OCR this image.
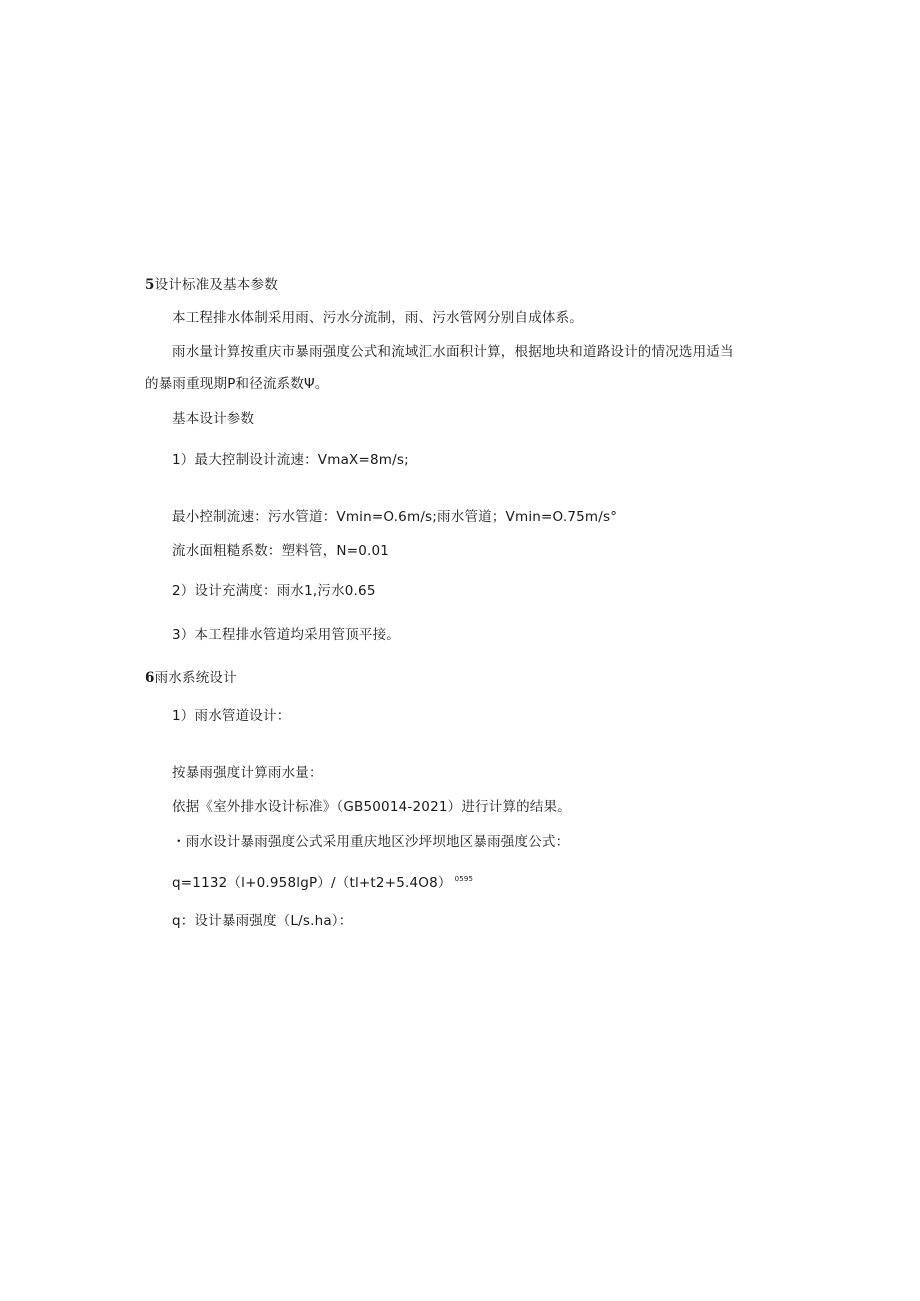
5设计标准及基本参数
本工程排水体制采用雨、污水分流制，雨、污水管网分别自成体系。
雨水量计算按重庆市暴雨强度公式和流域汇水面积计算，根据地块和道路设计的情况选用适当
的暴雨重现期P和径流系数Ψ。
基本设计参数
1）最大控制设计流速：VmaX=8m∕s;
最小控制流速：污水管道：Vmin=O.6m∕s;雨水管道；Vmin=O.75m∕s°
流水面粗糙系数：塑料管，N=0.01
2）设计充满度：雨水1,污水0.65
3）本工程排水管道均采用管顶平接。
6雨水系统设计
1）雨水管道设计：
按暴雨强度计算雨水量：
依据《室外排水设计标准》（GB50014-2021）进行计算的结果。
・雨水设计暴雨强度公式采用重庆地区沙坪坝地区暴雨强度公式：
q=1132（l+0.958lgP）/（tl+t2+5.4O8） $^{0595}$
q：设计暴雨强度（L/s.ha）：
